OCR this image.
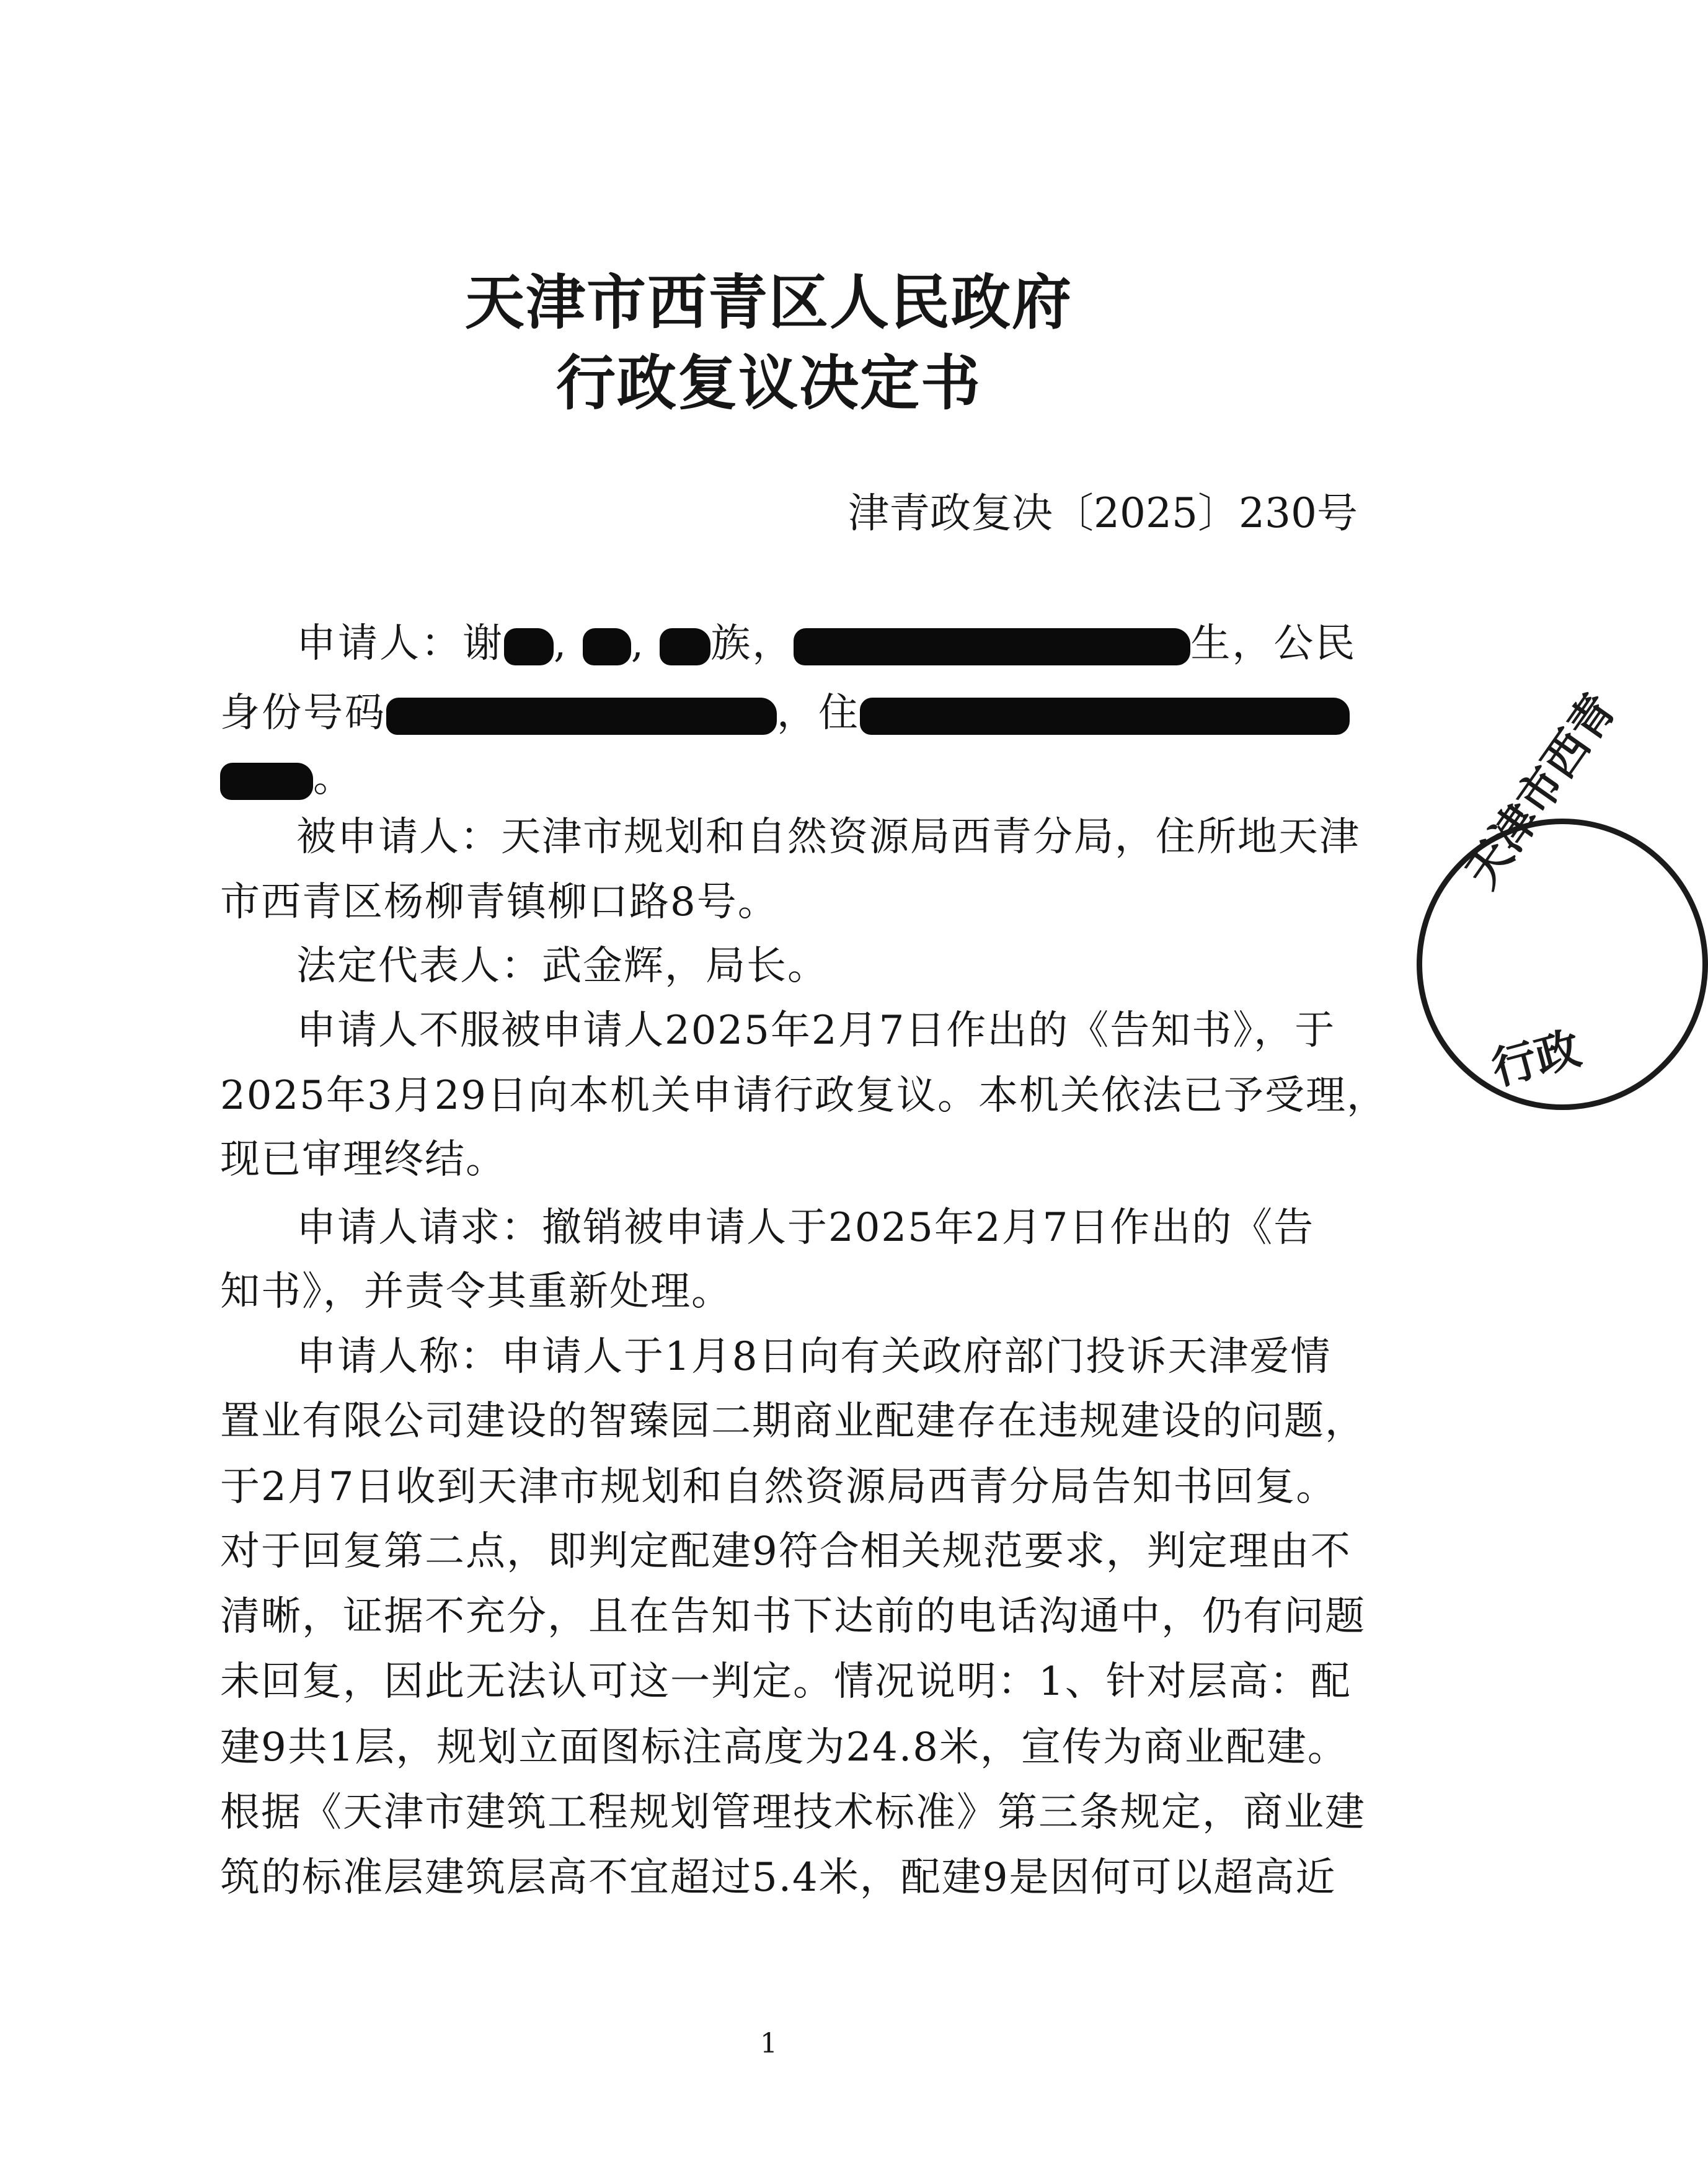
天津市西青区人民政府
行政复议决定书
津青政复决〔2025〕230号
申请人：谢 , , 族，	生，公民
身份号码	，住
。
被申请人：天津市规划和自然资源局西青分局，住所地天津
市西青区杨柳青镇柳口路8号。
法定代表人：武金辉，局长。
申请人不服被申请人2025年2月7日作出的《告知书》，于
2025年3月29日向本机关申请行政复议。本机关依法已予受理，
现已审理终结。
申请人请求：撤销被申请人于2025年2月7日作出的《告
知书》，并责令其重新处理。
申请人称：申请人于1月8日向有关政府部门投诉天津爱情
置业有限公司建设的智臻园二期商业配建存在违规建设的问题，
于2月7日收到天津市规划和自然资源局西青分局告知书回复。
对于回复第二点，即判定配建9符合相关规范要求，判定理由不
清晰，证据不充分，且在告知书下达前的电话沟通中，仍有问题
未回复，因此无法认可这一判定。情况说明：1、针对层高：配
建9共1层，规划立面图标注高度为24.8米，宣传为商业配建。
根据《天津市建筑工程规划管理技术标准》第三条规定，商业建
筑的标准层建筑层高不宜超过5.4米，配建9是因何可以超高近
天津市西青
行政
1
